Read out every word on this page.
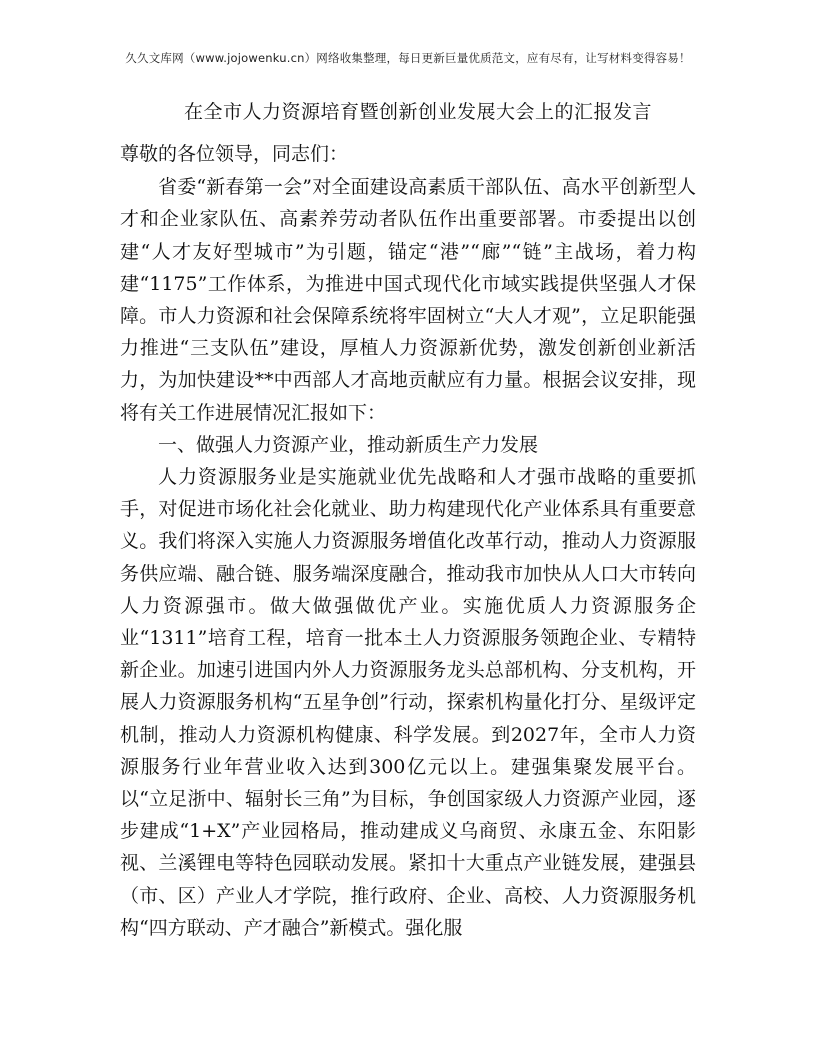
久久文库网（www.jojowenku.cn）网络收集整理，每日更新巨量优质范文，应有尽有，让写材料变得容易！
在全市人力资源培育暨创新创业发展大会上的汇报发言

尊敬的各位领导，同志们：

省委“新春第一会”对全面建设高素质干部队伍、高水平创新型人才和企业家队伍、高素养劳动者队伍作出重要部署。市委提出以创建“人才友好型城市”为引题，锚定“港”“廊”“链”主战场，着力构建“1175”工作体系，为推进中国式现代化市域实践提供坚强人才保障。市人力资源和社会保障系统将牢固树立“大人才观”，立足职能强力推进“三支队伍”建设，厚植人力资源新优势，激发创新创业新活力，为加快建设**中西部人才高地贡献应有力量。根据会议安排，现将有关工作进展情况汇报如下：

一、做强人力资源产业，推动新质生产力发展

人力资源服务业是实施就业优先战略和人才强市战略的重要抓手，对促进市场化社会化就业、助力构建现代化产业体系具有重要意义。我们将深入实施人力资源服务增值化改革行动，推动人力资源服务供应端、融合链、服务端深度融合，推动我市加快从人口大市转向人力资源强市。做大做强做优产业。实施优质人力资源服务企业“1311”培育工程，培育一批本土人力资源服务领跑企业、专精特新企业。加速引进国内外人力资源服务龙头总部机构、分支机构，开展人力资源服务机构“五星争创”行动，探索机构量化打分、星级评定机制，推动人力资源机构健康、科学发展。到2027年，全市人力资源服务行业年营业收入达到300亿元以上。建强集聚发展平台。以“立足浙中、辐射长三角”为目标，争创国家级人力资源产业园，逐步建成“1+X”产业园格局，推动建成义乌商贸、永康五金、东阳影视、兰溪锂电等特色园联动发展。紧扣十大重点产业链发展，建强县（市、区）产业人才学院，推行政府、企业、高校、人力资源服务机构“四方联动、产才融合”新模式。强化服
